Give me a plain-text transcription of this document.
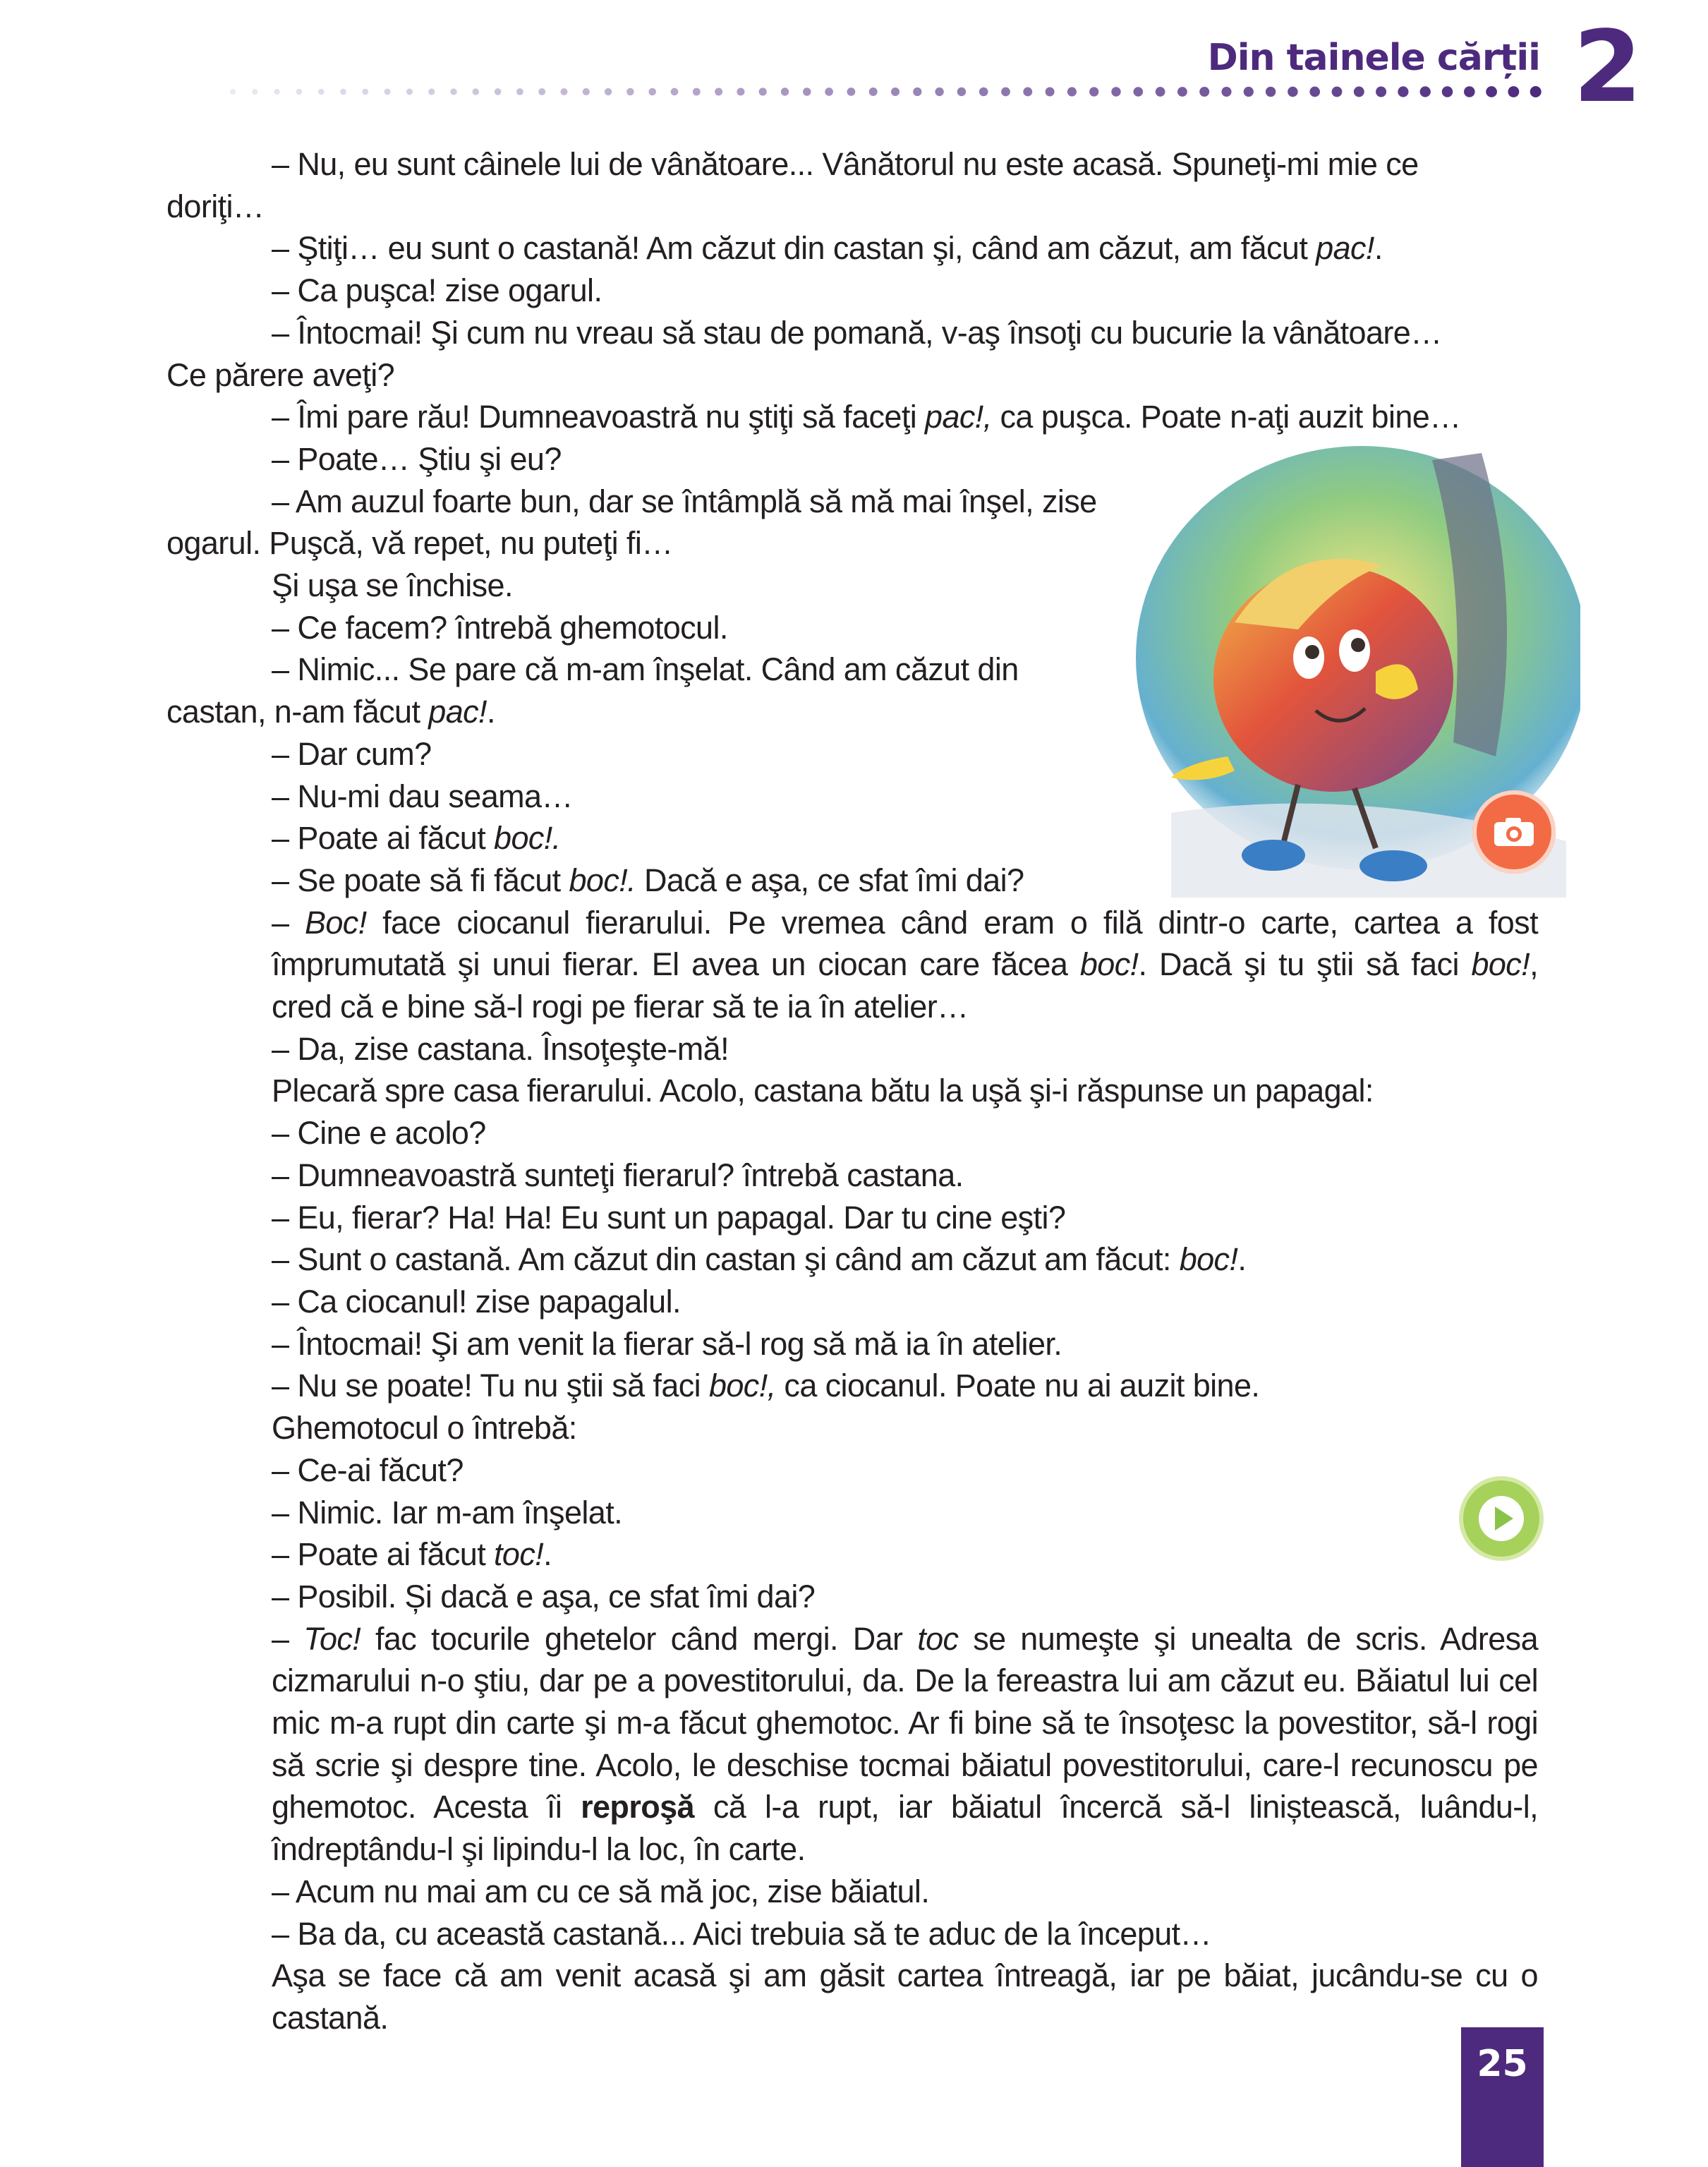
Din tainele cărții 2

– Nu, eu sunt câinele lui de vânătoare... Vânătorul nu este acasă. Spuneţi-mi mie ce

doriţi…

– Ştiţi… eu sunt o castană! Am căzut din castan şi, când am căzut, am făcut pac!.

– Ca puşca! zise ogarul.

– Întocmai! Şi cum nu vreau să stau de pomană, v-aş însoţi cu bucurie la vânătoare…

Ce părere aveţi?

– Îmi pare rău! Dumneavoastră nu ştiţi să faceţi pac!, ca puşca. Poate n-aţi auzit bine…

– Poate… Ştiu şi eu?

– Am auzul foarte bun, dar se întâmplă să mă mai înşel, zise

ogarul. Puşcă, vă repet, nu puteţi fi…

Şi uşa se închise.

– Ce facem? întrebă ghemotocul.

– Nimic... Se pare că m-am înşelat. Când am căzut din

castan, n-am făcut pac!.

– Dar cum?

– Nu-mi dau seama…

– Poate ai făcut boc!.

– Se poate să fi făcut boc!. Dacă e aşa, ce sfat îmi dai?

– Boc! face ciocanul fierarului. Pe vremea când eram o filă dintr-o carte, cartea a fost împrumutată şi unui fierar. El avea un ciocan care făcea boc!. Dacă şi tu ştii să faci boc!, cred că e bine să-l rogi pe fierar să te ia în atelier…

– Da, zise castana. Însoţeşte-mă!

Plecară spre casa fierarului. Acolo, castana bătu la uşă şi-i răspunse un papagal:

– Cine e acolo?

– Dumneavoastră sunteţi fierarul? întrebă castana.

– Eu, fierar? Ha! Ha! Eu sunt un papagal. Dar tu cine eşti?

– Sunt o castană. Am căzut din castan şi când am căzut am făcut: boc!.

– Ca ciocanul! zise papagalul.

– Întocmai! Şi am venit la fierar să-l rog să mă ia în atelier.

– Nu se poate! Tu nu ştii să faci boc!, ca ciocanul. Poate nu ai auzit bine.

Ghemotocul o întrebă:

– Ce-ai făcut?

– Nimic. Iar m-am înşelat.

– Poate ai făcut toc!.

– Posibil. Și dacă e aşa, ce sfat îmi dai?

– Toc! fac tocurile ghetelor când mergi. Dar toc se numeşte şi unealta de scris. Adresa cizmarului n-o ştiu, dar pe a povestitorului, da. De la fereastra lui am căzut eu. Băiatul lui cel mic m-a rupt din carte şi m-a făcut ghemotoc. Ar fi bine să te însoţesc la povestitor, să-l rogi să scrie şi despre tine. Acolo, le deschise tocmai băiatul povestitorului, care-l recunoscu pe ghemotoc. Acesta îi reproşă că l-a rupt, iar băiatul încercă să-l liniștească, luându-l, îndreptându-l şi lipindu-l la loc, în carte.

– Acum nu mai am cu ce să mă joc, zise băiatul.

– Ba da, cu această castană... Aici trebuia să te aduc de la început…

Aşa se face că am venit acasă şi am găsit cartea întreagă, iar pe băiat, jucându-se cu o castană.

25
